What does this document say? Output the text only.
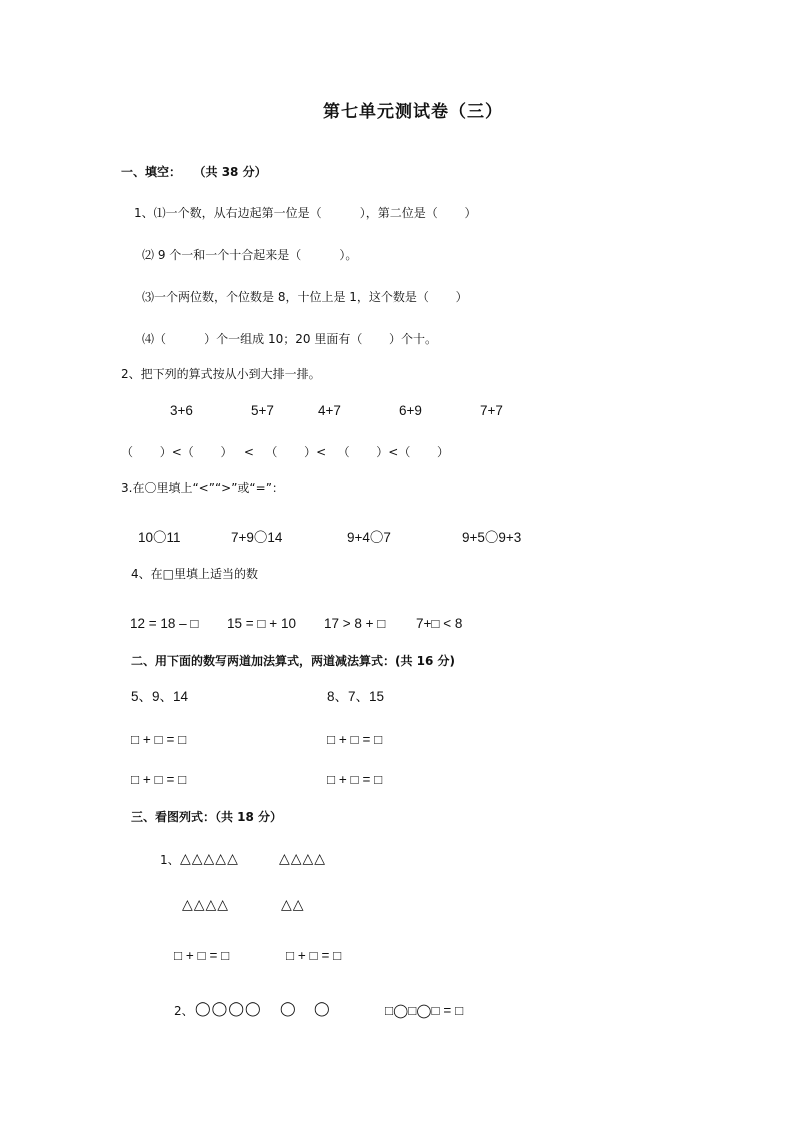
第七单元测试卷（三）
一、填空：   （共 38 分）
1、⑴一个数，从右边起第一位是（          ），第二位是（       ）
⑵ 9 个一和一个十合起来是（          ）。
⑶一个两位数，个位数是 8，十位上是 1，这个数是（       ）
⑷（          ）个一组成 10；20 里面有（       ）个十。
2、把下列的算式按从小到大排一排。
3+6	5+7	4+7	6+9	7+7
（       ）<（       ）   <   （       ）<   （       ）<（       ）
3.在〇里填上“<”“>”或“=”：
10〇11	7+9〇14	9+4〇7	9+5〇9+3
4、在□里填上适当的数
12 = 18 – □ 15 = □ + 10 17 > 8 + □ 7+□ < 8
二、用下面的数写两道加法算式，两道减法算式：(共 16 分)
5、9、14	8、7、15
□ + □ = □	□ + □ = □
□ + □ = □	□ + □ = □
三、看图列式：（共 18 分）
1、 △△△△△	△△△△
△△△△	△△
□ + □ = □	□ + □ = □
2、 ◯◯◯◯ ◯ ◯	□◯□◯□ = □
